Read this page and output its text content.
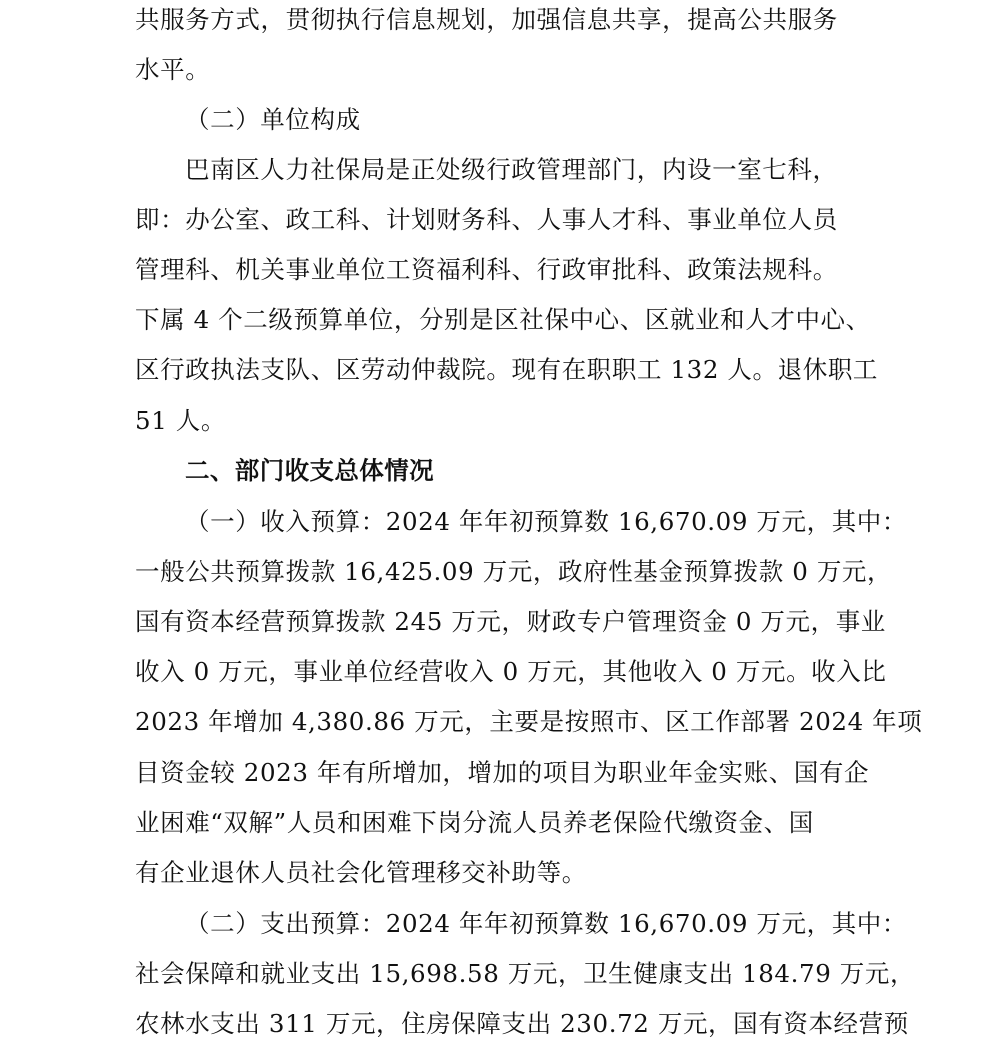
共服务方式，贯彻执行信息规划，加强信息共享，提高公共服务
水平。
（二）单位构成
巴南区人力社保局是正处级行政管理部门，内设一室七科，
即：办公室、政工科、计划财务科、人事人才科、事业单位人员
管理科、机关事业单位工资福利科、行政审批科、政策法规科。
下属 4 个二级预算单位，分别是区社保中心、区就业和人才中心、
区行政执法支队、区劳动仲裁院。现有在职职工 132 人。退休职工
51 人。
二、部门收支总体情况
（一）收入预算：2024 年年初预算数 16,670.09 万元，其中：
一般公共预算拨款 16,425.09 万元，政府性基金预算拨款 0 万元，
国有资本经营预算拨款 245 万元，财政专户管理资金 0 万元，事业
收入 0 万元，事业单位经营收入 0 万元，其他收入 0 万元。收入比
2023 年增加 4,380.86 万元，主要是按照市、区工作部署 2024 年项
目资金较 2023 年有所增加，增加的项目为职业年金实账、国有企
业困难“双解”人员和困难下岗分流人员养老保险代缴资金、国
有企业退休人员社会化管理移交补助等。
（二）支出预算：2024 年年初预算数 16,670.09 万元，其中：
社会保障和就业支出 15,698.58 万元，卫生健康支出 184.79 万元，
农林水支出 311 万元，住房保障支出 230.72 万元，国有资本经营预
